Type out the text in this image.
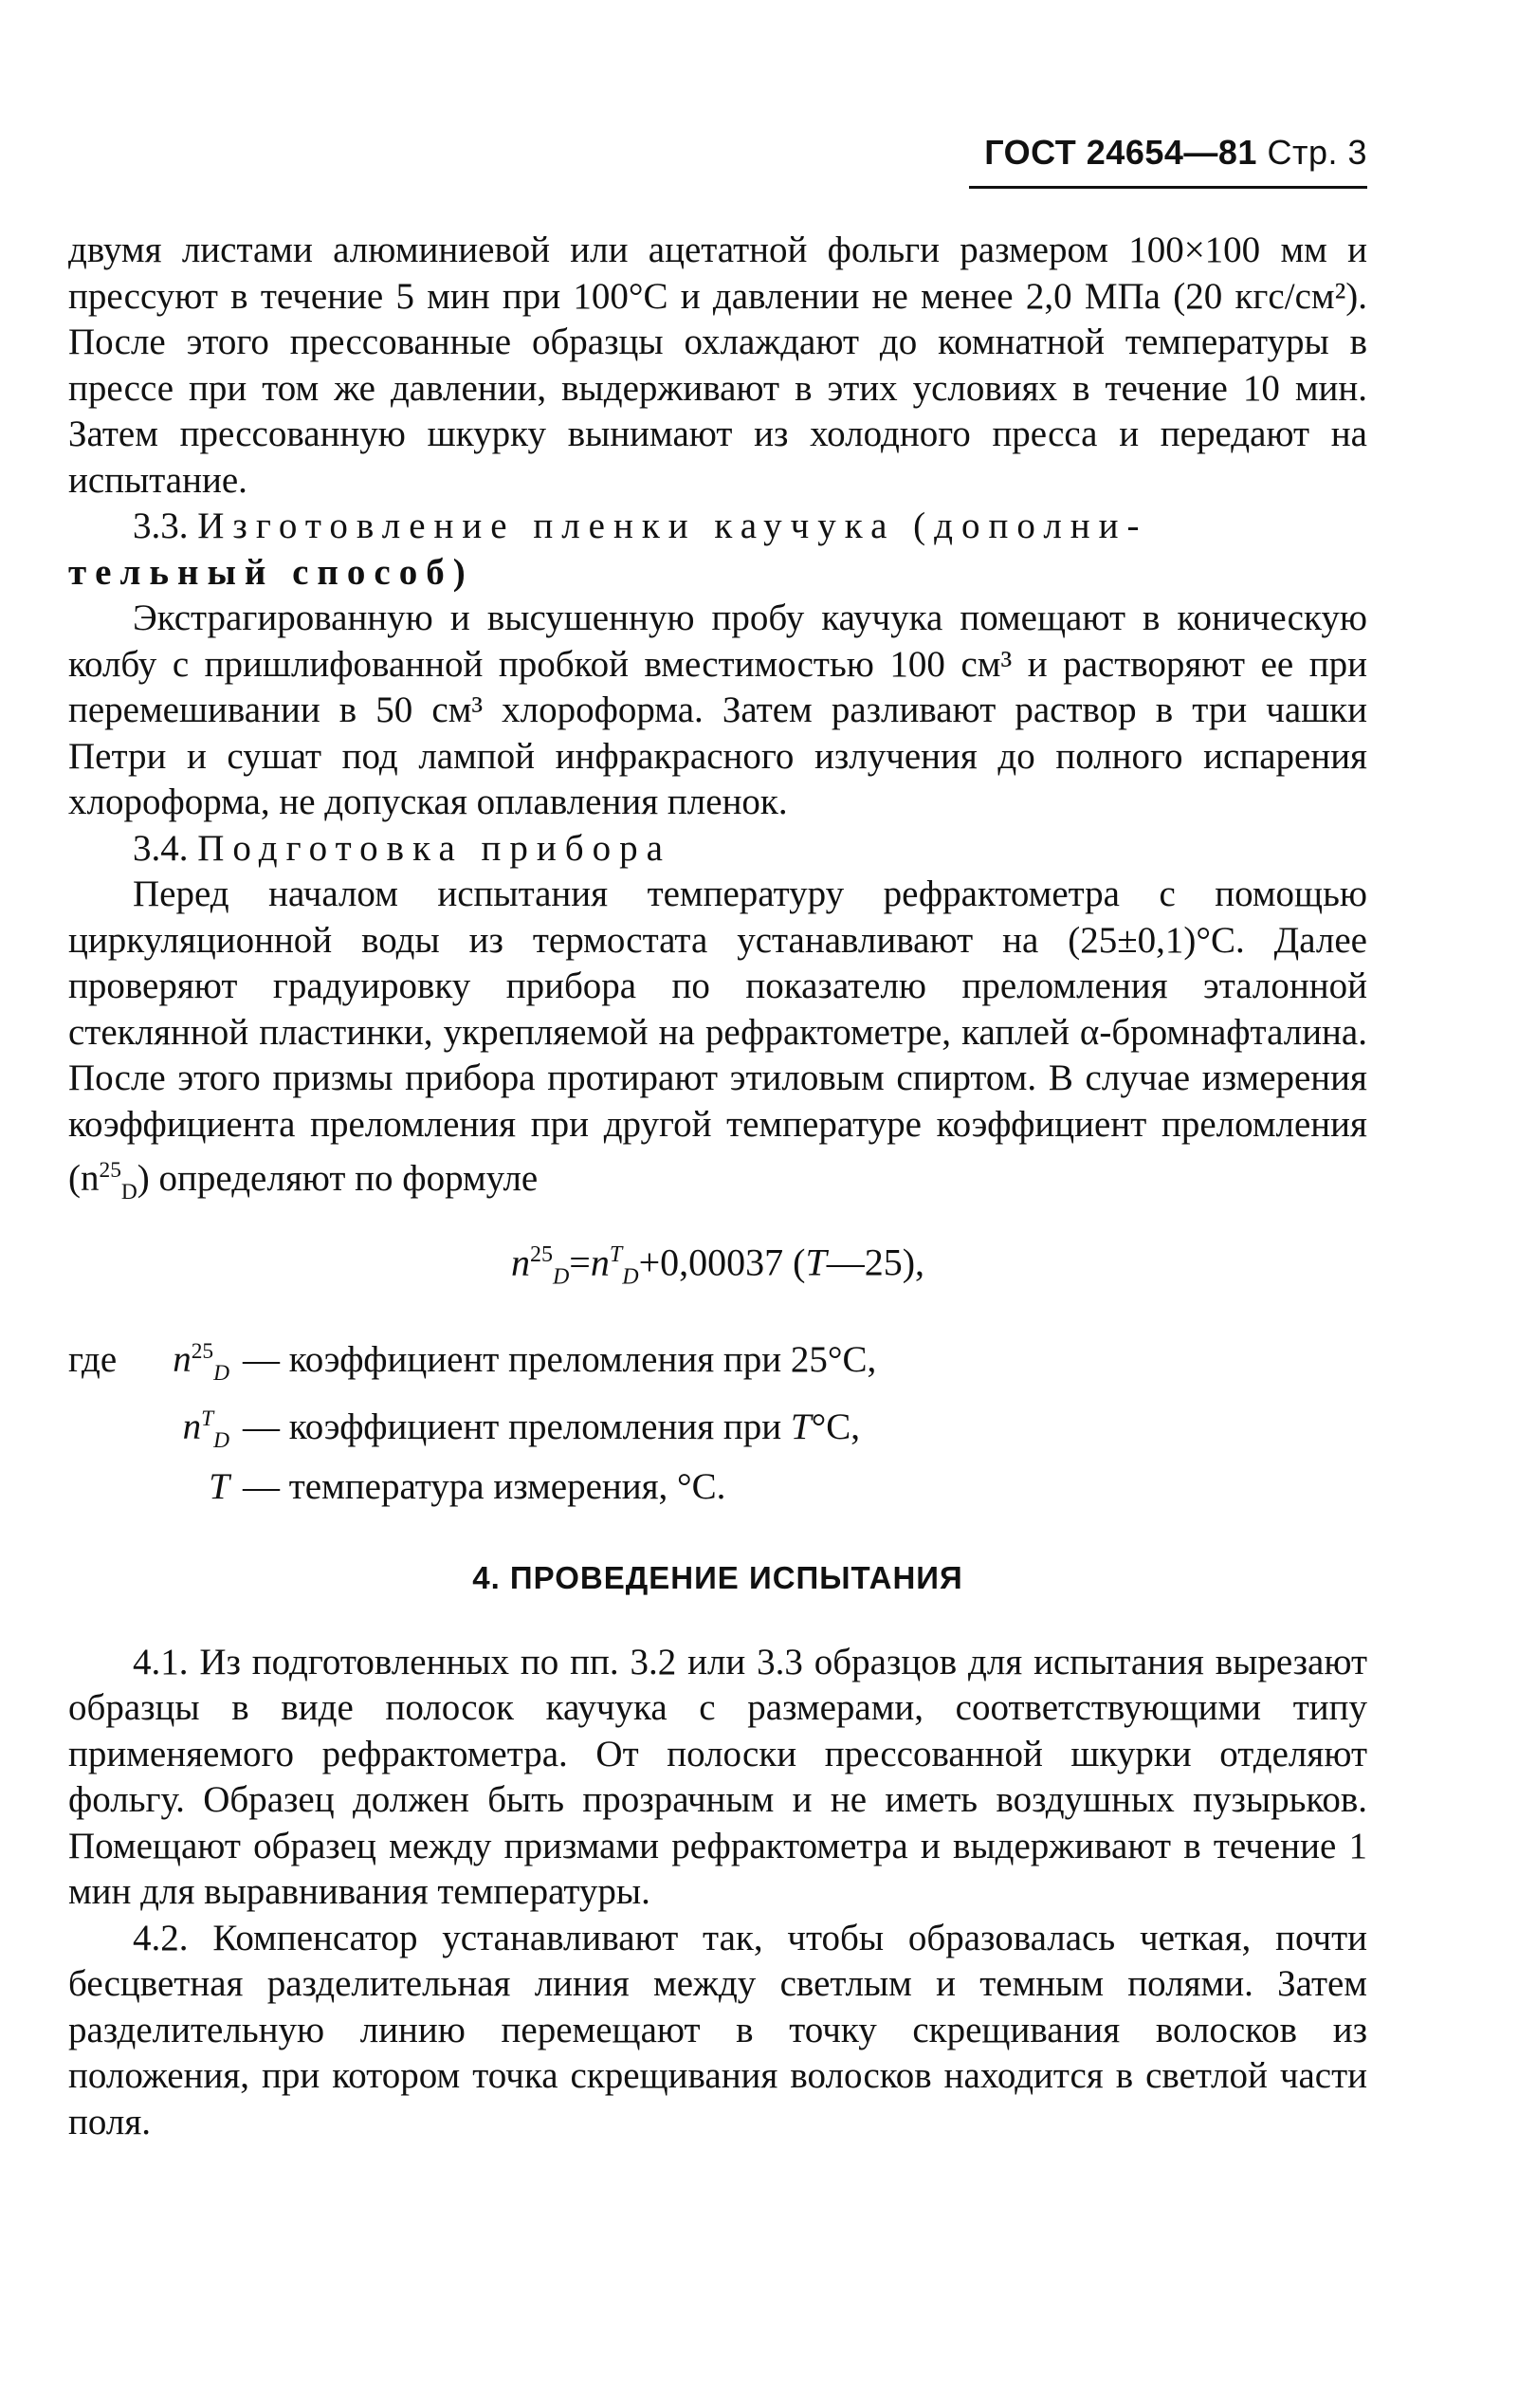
ГОСТ 24654—81 Стр. 3

двумя листами алюминиевой или ацетатной фольги размером 100×100 мм и прессуют в течение 5 мин при 100°С и давлении не менее 2,0 МПа (20 кгс/см²). После этого прессованные образцы охлаждают до комнатной температуры в прессе при том же давлении, выдерживают в этих условиях в течение 10 мин. Затем прессованную шкурку вынимают из холодного пресса и передают на испытание.

3.3. Изготовление пленки каучука (дополни-

тельный способ)

Экстрагированную и высушенную пробу каучука помещают в коническую колбу с пришлифованной пробкой вместимостью 100 см³ и растворяют ее при перемешивании в 50 см³ хлороформа. Затем разливают раствор в три чашки Петри и сушат под лампой инфракрасного излучения до полного испарения хлороформа, не допуская оплавления пленок.

3.4. Подготовка прибора

Перед началом испытания температуру рефрактометра с помощью циркуляционной воды из термостата устанавливают на (25±0,1)°С. Далее проверяют градуировку прибора по показателю преломления эталонной стеклянной пластинки, укрепляемой на рефрактометре, каплей α-бромнафталина. После этого призмы прибора протирают этиловым спиртом. В случае измерения коэффициента преломления при другой температуре коэффициент преломления $(n^{25}_D)$ определяют по формуле

$n^{25}_D=n^T_D+0,00037$ (T—25),
где	$n^{25}_D$ — коэффициент преломления при 25°С,
$n^T_D$ — коэффициент преломления при T°С,
T — температура измерения, °С.
4. ПРОВЕДЕНИЕ ИСПЫТАНИЯ

4.1. Из подготовленных по пп. 3.2 или 3.3 образцов для испытания вырезают образцы в виде полосок каучука с размерами, соответствующими типу применяемого рефрактометра. От полоски прессованной шкурки отделяют фольгу. Образец должен быть прозрачным и не иметь воздушных пузырьков. Помещают образец между призмами рефрактометра и выдерживают в течение 1 мин для выравнивания температуры.

4.2. Компенсатор устанавливают так, чтобы образовалась четкая, почти бесцветная разделительная линия между светлым и темным полями. Затем разделительную линию перемещают в точку скрещивания волосков из положения, при котором точка скрещивания волосков находится в светлой части поля.
